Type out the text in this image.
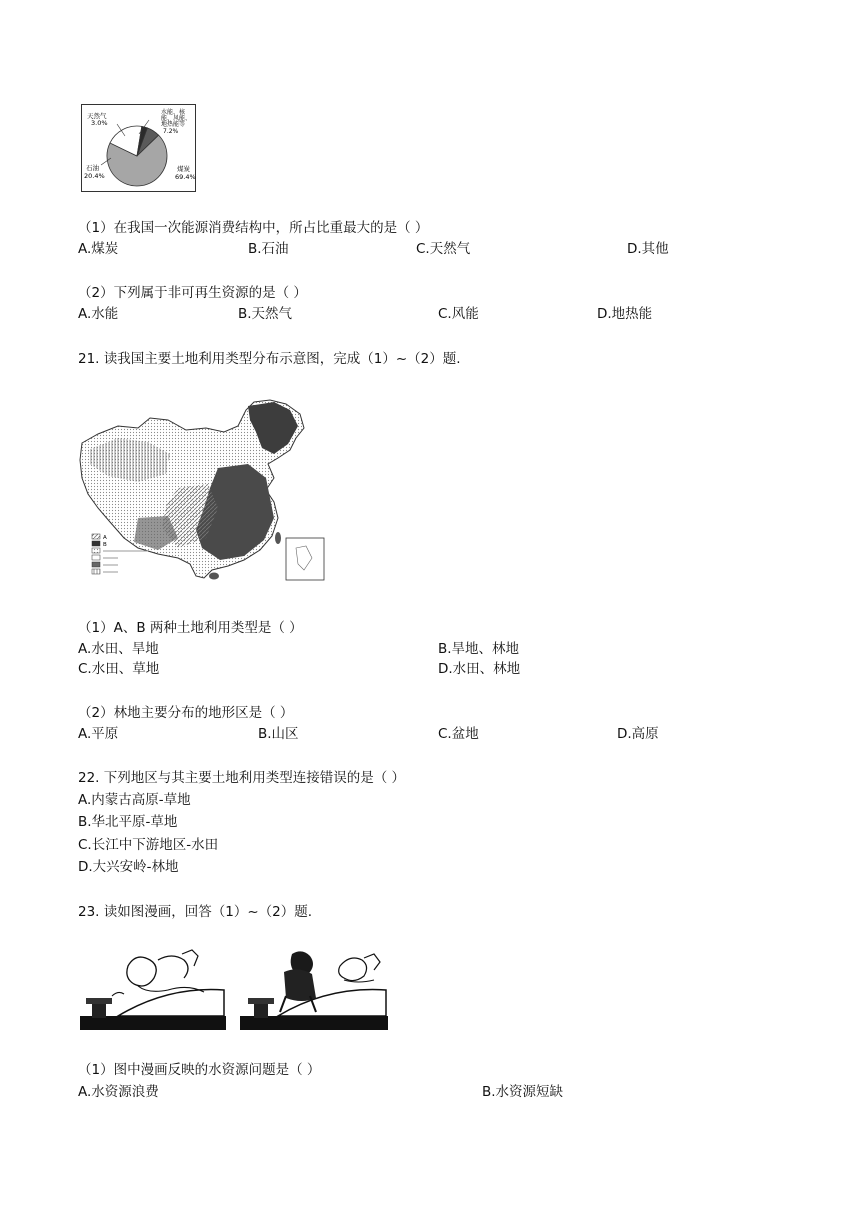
天然气
3.0%
水能、核
能、风能、
地热能等
7.2%
石油
20.4%
煤炭
69.4%
（1）在我国一次能源消费结构中，所占比重最大的是（ ）
A.煤炭	B.石油	C.天然气	D.其他
（2）下列属于非可再生资源的是（ ）
A.水能	B.天然气	C.风能	D.地热能
21. 读我国主要土地利用类型分布示意图，完成（1）~（2）题.
A
B
（1）A、B 两种土地利用类型是（ ）
A.水田、旱地	B.旱地、林地
C.水田、草地	D.水田、林地
（2）林地主要分布的地形区是（ ）
A.平原	B.山区	C.盆地	D.高原
22. 下列地区与其主要土地利用类型连接错误的是（ ）
A.内蒙古高原-草地
B.华北平原-草地
C.长江中下游地区-水田
D.大兴安岭-林地
23. 读如图漫画，回答（1）~（2）题.
（1）图中漫画反映的水资源问题是（ ）
A.水资源浪费	B.水资源短缺
